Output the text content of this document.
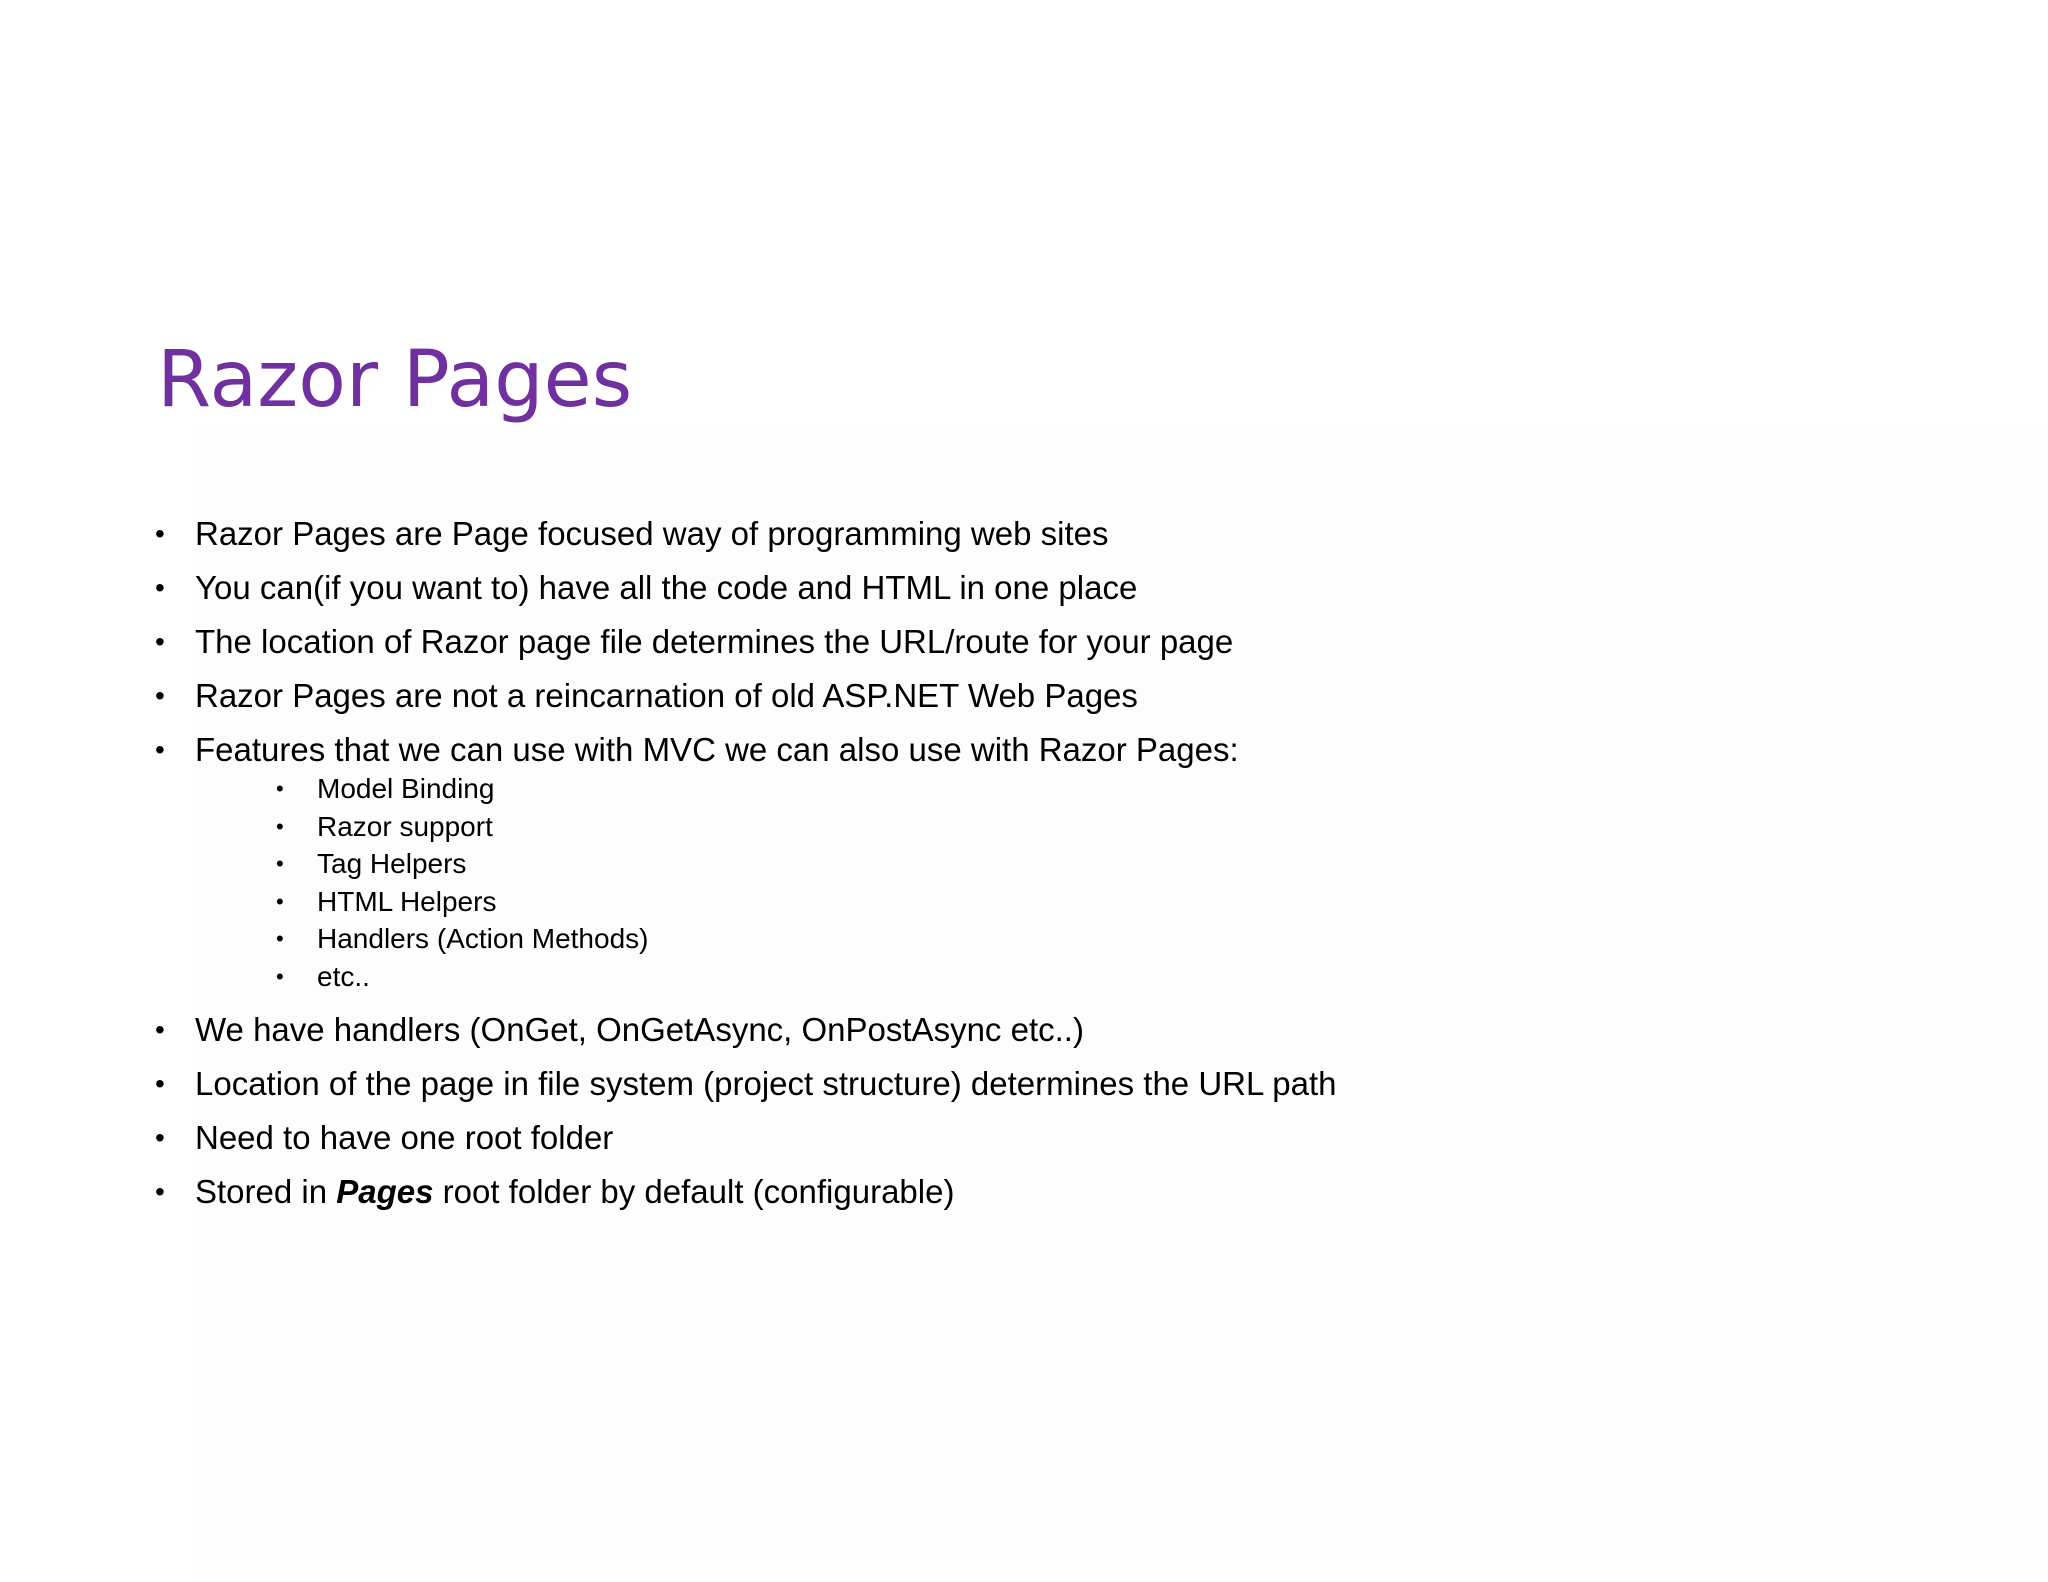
Razor Pages
• Razor Pages are Page focused way of programming web sites
• You can(if you want to) have all the code and HTML in one place
• The location of Razor page file determines the URL/route for your page
• Razor Pages are not a reincarnation of old ASP.NET Web Pages
• Features that we can use with MVC we can also use with Razor Pages:
• Model Binding
• Razor support
• Tag Helpers
• HTML Helpers
• Handlers (Action Methods)
• etc..
• We have handlers (OnGet, OnGetAsync, OnPostAsync etc..)
• Location of the page in file system (project structure) determines the URL path
• Need to have one root folder
• Stored in Pages root folder by default (configurable)
